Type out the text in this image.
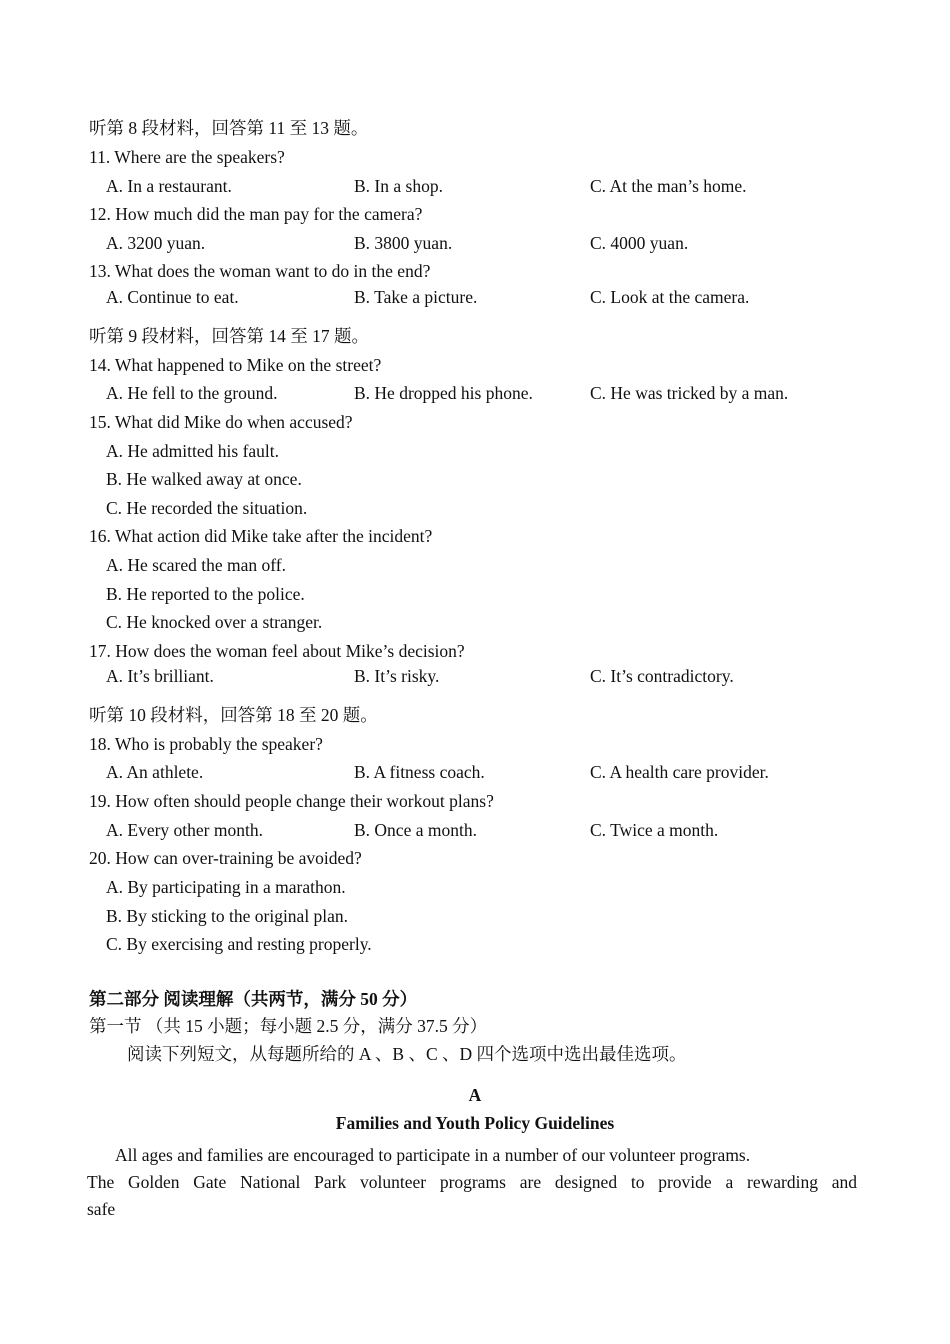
听第 8 段材料，回答第 11 至 13 题。
11. Where are the speakers?
A. In a restaurant.	B. In a shop.	C. At the man’s home.
12. How much did the man pay for the camera?
A. 3200 yuan.	B. 3800 yuan.	C. 4000 yuan.
13. What does the woman want to do in the end?
A. Continue to eat.	B. Take a picture.	C. Look at the camera.
听第 9 段材料，回答第 14 至 17 题。
14. What happened to Mike on the street?
A. He fell to the ground.	B. He dropped his phone.	C. He was tricked by a man.
15. What did Mike do when accused?
A. He admitted his fault.
B. He walked away at once.
C. He recorded the situation.
16. What action did Mike take after the incident?
A. He scared the man off.
B. He reported to the police.
C. He knocked over a stranger.
17. How does the woman feel about Mike’s decision?
A. It’s brilliant.	B. It’s risky.	C. It’s contradictory.
听第 10 段材料，回答第 18 至 20 题。
18. Who is probably the speaker?
A. An athlete.	B. A fitness coach.	C. A health care provider.
19. How often should people change their workout plans?
A. Every other month.	B. Once a month.	C. Twice a month.
20. How can over-training be avoided?
A. By participating in a marathon.
B. By sticking to the original plan.
C. By exercising and resting properly.
第二部分 阅读理解（共两节，满分 50 分）
第一节 （共 15 小题；每小题 2.5 分，满分 37.5 分）
阅读下列短文，从每题所给的 A 、B 、C 、D 四个选项中选出最佳选项。
A
Families and Youth Policy Guidelines

All ages and families are encouraged to participate in a number of our volunteer programs.

The Golden Gate National Park volunteer programs are designed to provide a rewarding and

safe
